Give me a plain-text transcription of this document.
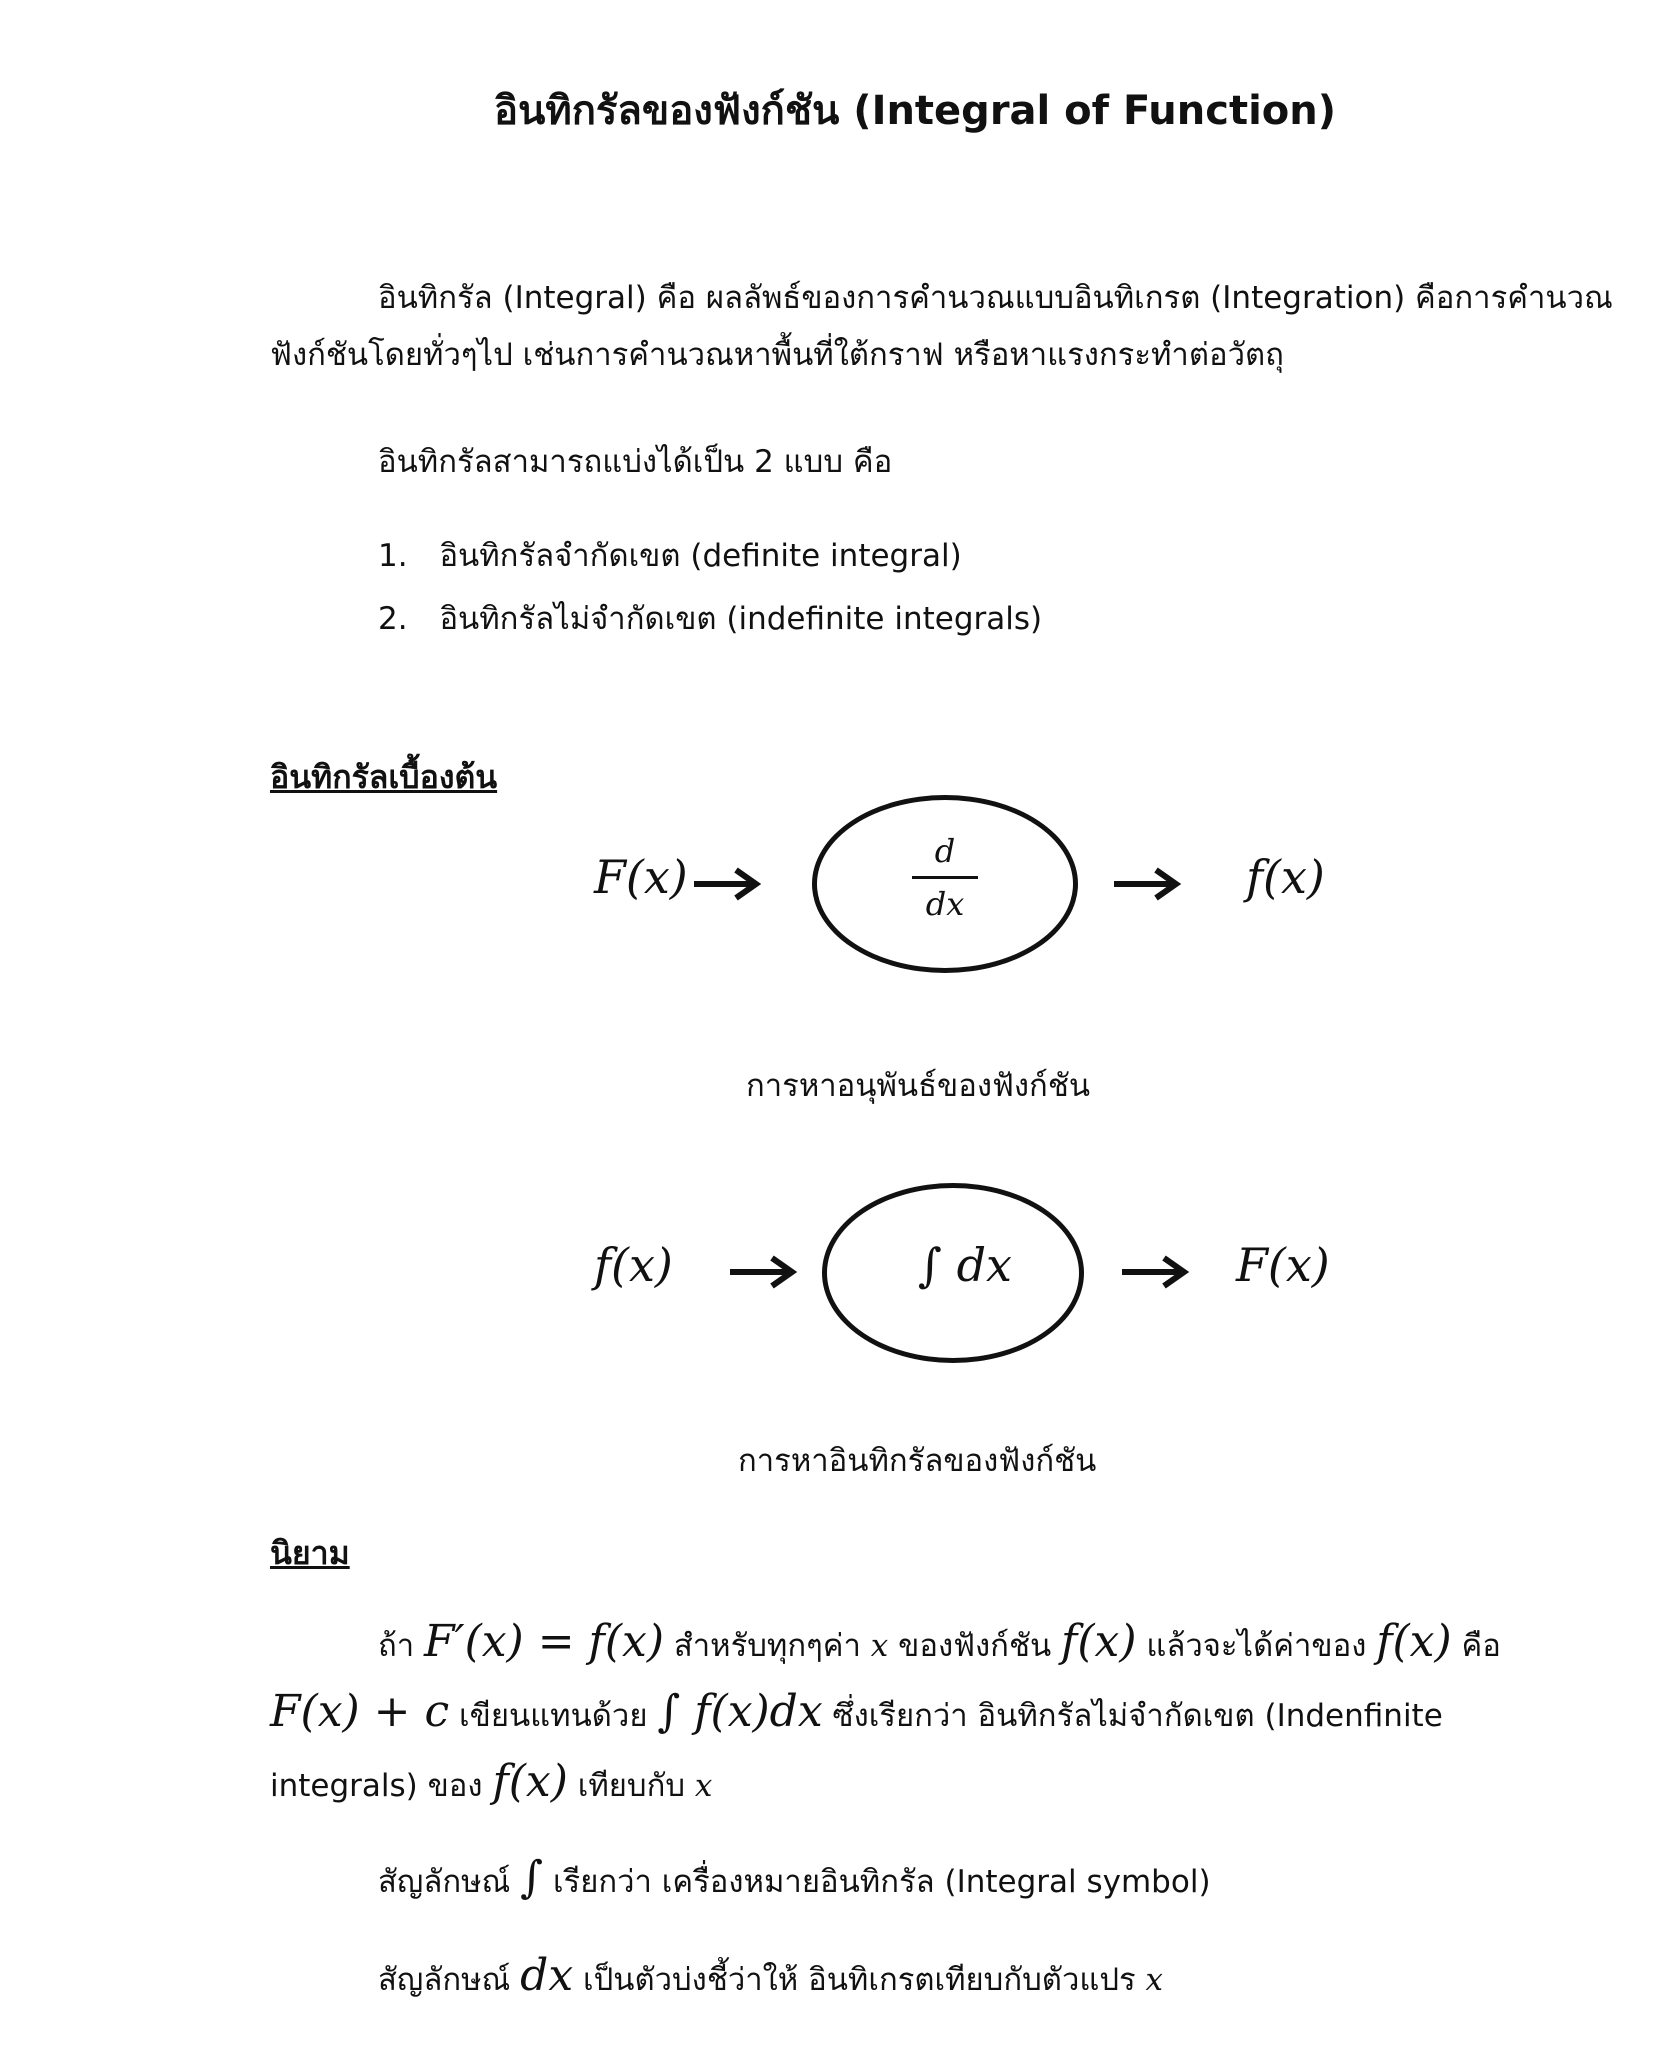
อินทิกรัลของฟังก์ชัน (Integral of Function)
อินทิกรัล (Integral) คือ ผลลัพธ์ของการคำนวณแบบอินทิเกรต (Integration) คือการคำนวณ
ฟังก์ชันโดยทั่วๆไป เช่นการคำนวณหาพื้นที่ใต้กราฟ หรือหาแรงกระทำต่อวัตถุ
อินทิกรัลสามารถแบ่งได้เป็น 2 แบบ คือ
1. อินทิกรัลจำกัดเขต (definite integral)
2. อินทิกรัลไม่จำกัดเขต (indefinite integrals)
อินทิกรัลเบื้องต้น
F(x)	d
dx	f(x)
การหาอนุพันธ์ของฟังก์ชัน
f(x)	∫ dx	F(x)
การหาอินทิกรัลของฟังก์ชัน
นิยาม
ถ้า F′(x) = f(x) สำหรับทุกๆค่า x ของฟังก์ชัน f(x) แล้วจะได้ค่าของ f(x) คือ
F(x) + c เขียนแทนด้วย ∫ f(x)dx ซึ่งเรียกว่า อินทิกรัลไม่จำกัดเขต (Indenfinite
integrals) ของ f(x) เทียบกับ x
สัญลักษณ์ ∫ เรียกว่า เครื่องหมายอินทิกรัล (Integral symbol)
สัญลักษณ์ dx เป็นตัวบ่งชี้ว่าให้ อินทิเกรตเทียบกับตัวแปร x
